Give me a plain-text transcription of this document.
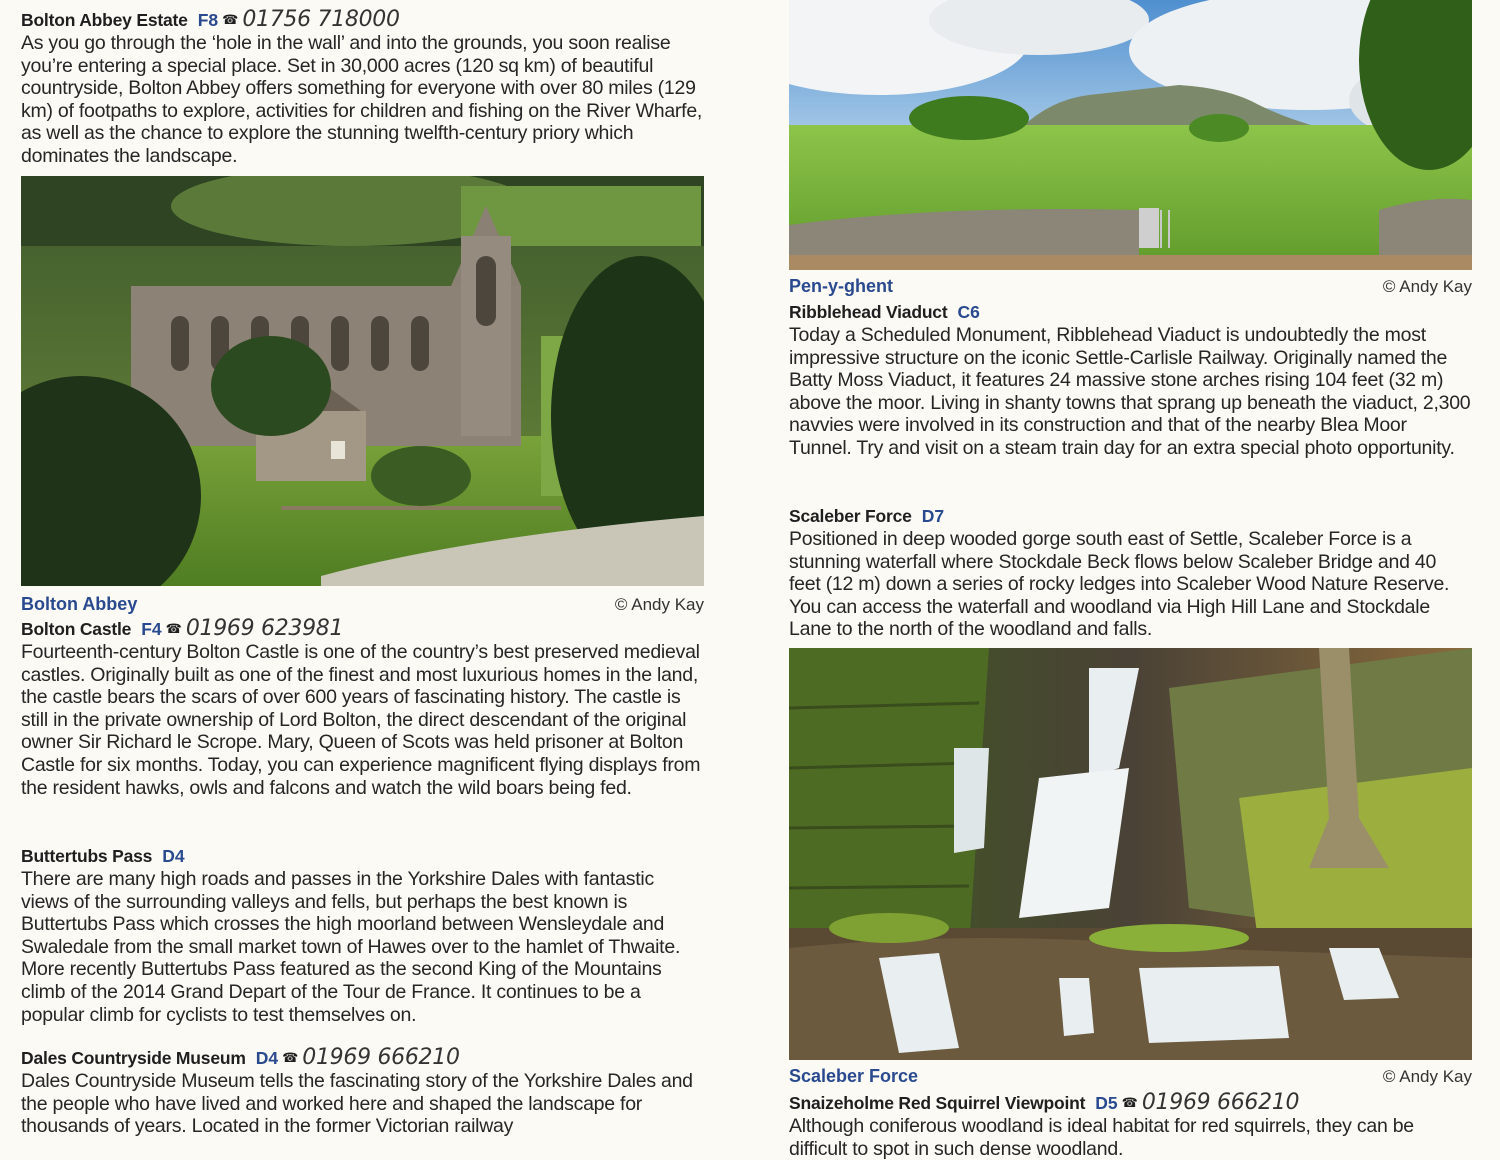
Bolton Abbey Estate F8 ☎ 01756 718000
As you go through the ‘hole in the wall’ and into the grounds, you soon realise you’re entering a special place. Set in 30,000 acres (120 sq km) of beautiful countryside, Bolton Abbey offers something for everyone with over 80 miles (129 km) of footpaths to explore, activities for children and fishing on the River Wharfe, as well as the chance to explore the stunning twelfth-century priory which dominates the landscape.
Bolton Abbey	© Andy Kay
Bolton Castle F4 ☎ 01969 623981
Fourteenth-century Bolton Castle is one of the country’s best preserved medieval castles. Originally built as one of the finest and most luxurious homes in the land, the castle bears the scars of over 600 years of fascinating history. The castle is still in the private ownership of Lord Bolton, the direct descendant of the original owner Sir Richard le Scrope. Mary, Queen of Scots was held prisoner at Bolton Castle for six months. Today, you can experience magnificent flying displays from the resident hawks, owls and falcons and watch the wild boars being fed.
Buttertubs Pass D4
There are many high roads and passes in the Yorkshire Dales with fantastic views of the surrounding valleys and fells, but perhaps the best known is Buttertubs Pass which crosses the high moorland between Wensleydale and Swaledale from the small market town of Hawes over to the hamlet of Thwaite. More recently Buttertubs Pass featured as the second King of the Mountains climb of the 2014 Grand Depart of the Tour de France. It continues to be a popular climb for cyclists to test themselves on.
Dales Countryside Museum D4 ☎ 01969 666210
Dales Countryside Museum tells the fascinating story of the Yorkshire Dales and the people who have lived and worked here and shaped the landscape for thousands of years. Located in the former Victorian railway
Pen-y-ghent	© Andy Kay
Ribblehead Viaduct C6
Today a Scheduled Monument, Ribblehead Viaduct is undoubtedly the most impressive structure on the iconic Settle-Carlisle Railway. Originally named the Batty Moss Viaduct, it features 24 massive stone arches rising 104 feet (32 m) above the moor. Living in shanty towns that sprang up beneath the viaduct, 2,300 navvies were involved in its construction and that of the nearby Blea Moor Tunnel. Try and visit on a steam train day for an extra special photo opportunity.
Scaleber Force D7
Positioned in deep wooded gorge south east of Settle, Scaleber Force is a stunning waterfall where Stockdale Beck flows below Scaleber Bridge and 40 feet (12 m) down a series of rocky ledges into Scaleber Wood Nature Reserve. You can access the waterfall and woodland via High Hill Lane and Stockdale Lane to the north of the woodland and falls.
Scaleber Force	© Andy Kay
Snaizeholme Red Squirrel Viewpoint D5 ☎ 01969 666210
Although coniferous woodland is ideal habitat for red squirrels, they can be difficult to spot in such dense woodland.
